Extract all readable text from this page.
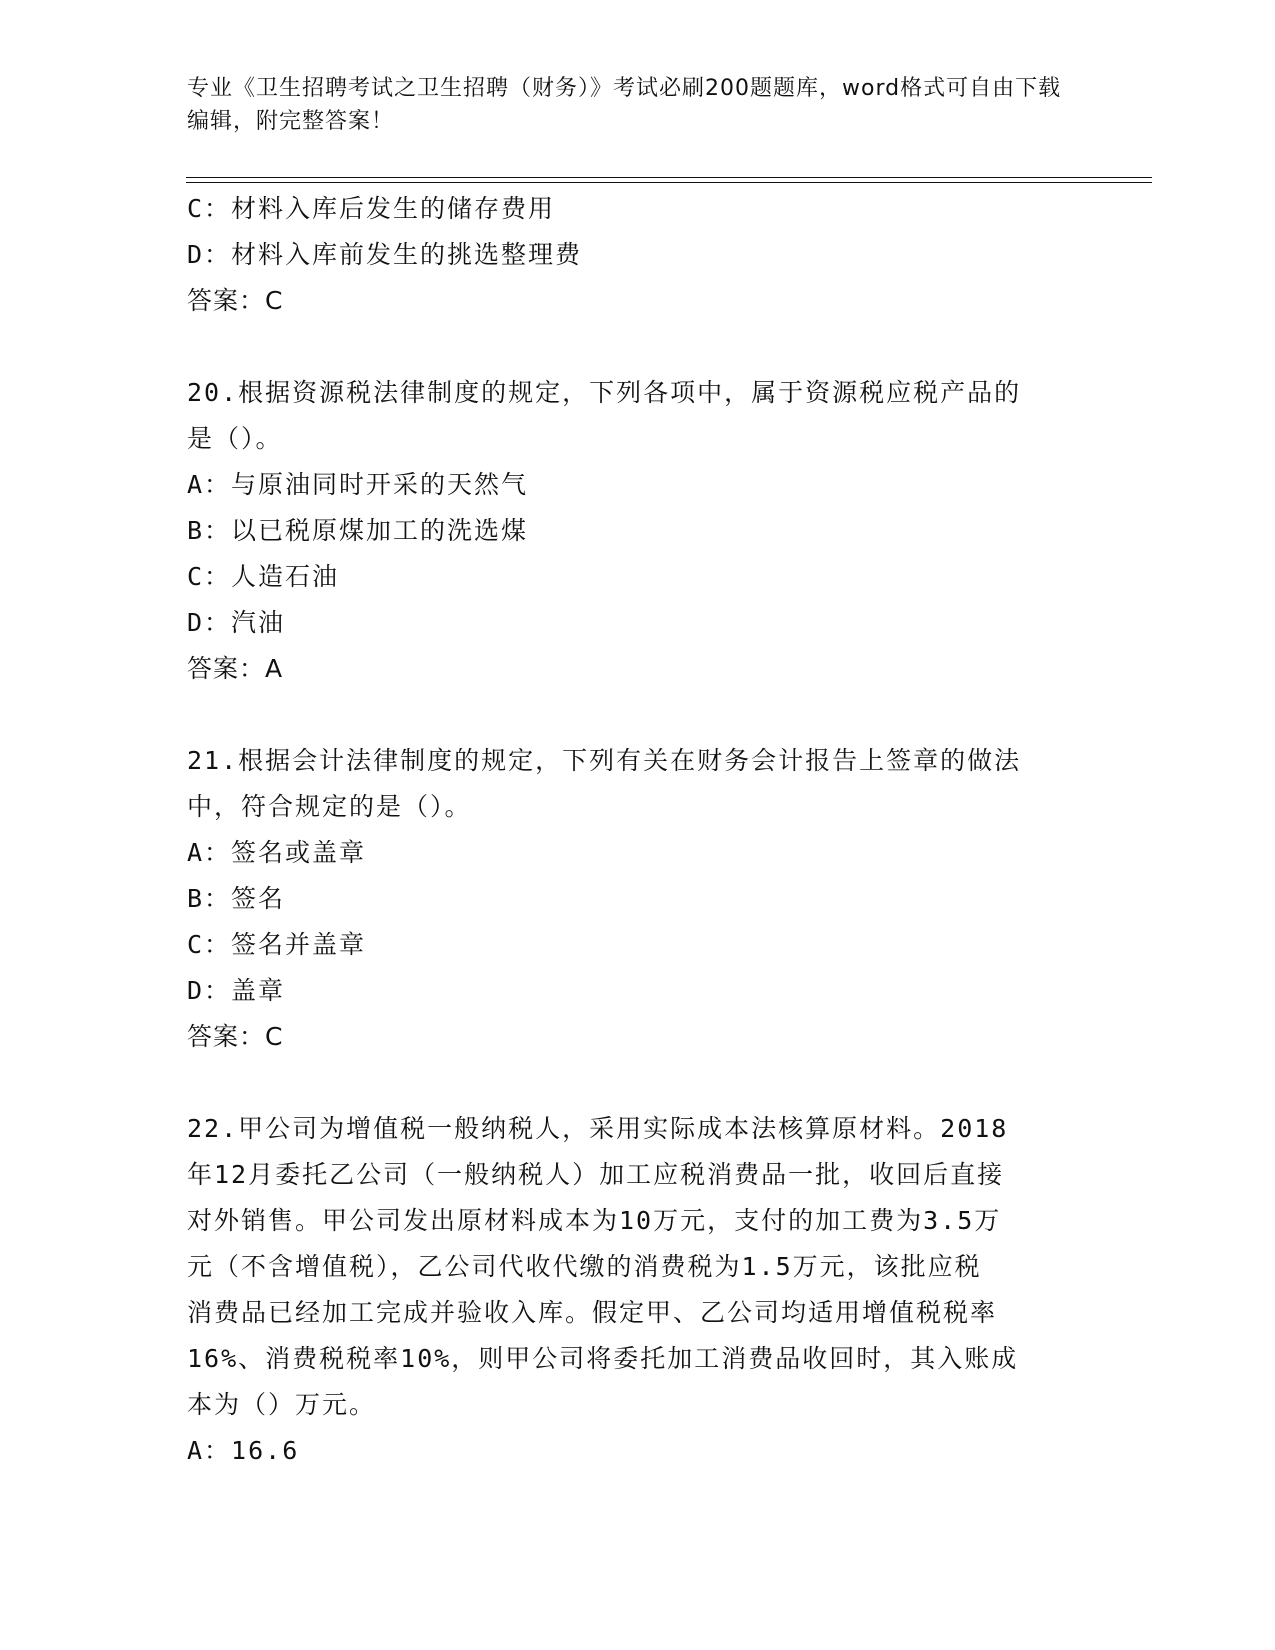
专业《卫生招聘考试之卫生招聘（财务）》考试必刷200题题库，word格式可自由下载编辑，附完整答案！

C：材料入库后发生的储存费用

D：材料入库前发生的挑选整理费

答案：C

20.根据资源税法律制度的规定，下列各项中，属于资源税应税产品的

是（）。

A：与原油同时开采的天然气

B：以已税原煤加工的洗选煤

C：人造石油

D：汽油

答案：A

21.根据会计法律制度的规定，下列有关在财务会计报告上签章的做法

中，符合规定的是（）。

A：签名或盖章

B：签名

C：签名并盖章

D：盖章

答案：C

22.甲公司为增值税一般纳税人，采用实际成本法核算原材料。2018

年12月委托乙公司（一般纳税人）加工应税消费品一批，收回后直接

对外销售。甲公司发出原材料成本为10万元，支付的加工费为3.5万

元（不含增值税），乙公司代收代缴的消费税为1.5万元，该批应税

消费品已经加工完成并验收入库。假定甲、乙公司均适用增值税税率

16%、消费税税率10%，则甲公司将委托加工消费品收回时，其入账成

本为（）万元。

A：16.6
